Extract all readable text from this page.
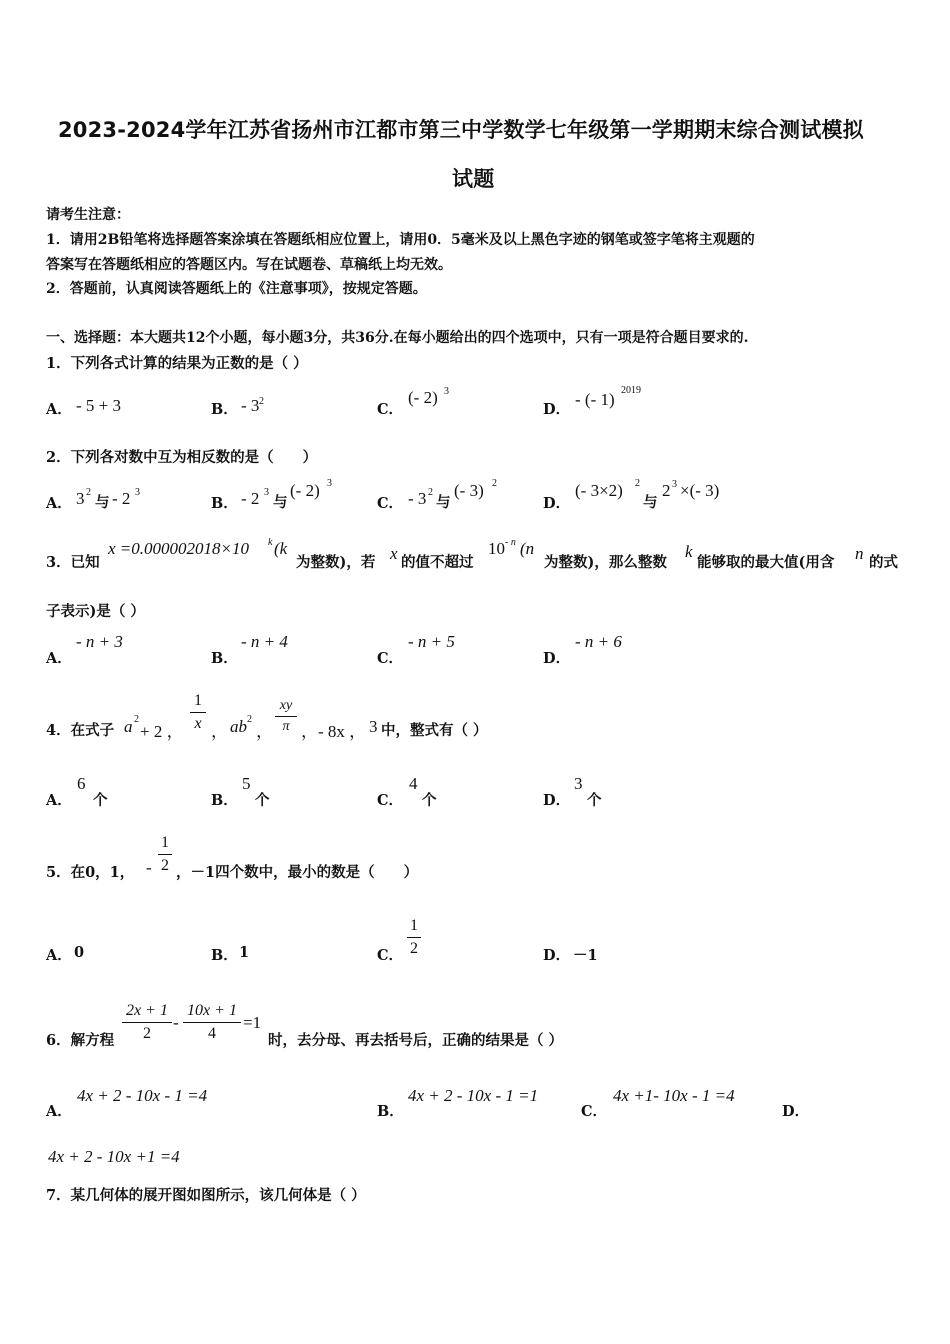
2023-2024学年江苏省扬州市江都市第三中学数学七年级第一学期期末综合测试模拟
试题
请考生注意：
1．请用2B铅笔将选择题答案涂填在答题纸相应位置上，请用0．5毫米及以上黑色字迹的钢笔或签字笔将主观题的
答案写在答题纸相应的答题区内。写在试题卷、草稿纸上均无效。
2．答题前，认真阅读答题纸上的《注意事项》，按规定答题。
一、选择题：本大题共12个小题，每小题3分，共36分.在每小题给出的四个选项中，只有一项是符合题目要求的.
1．下列各式计算的结果为正数的是（ ）
A． - 5 + 3	B． - 3 2	C．
(- 2) 3
D．
- (- 1) 2019
2．下列各对数中互为相反数的是（　　）
A． 3 2
与 - 2 3
B． - 2 3
与
(- 2) 3
C． - 3 2
与
(- 3) 2
D．
(- 3×2) 2
与
2 3 ×(- 3)
3．已知
x =0.000002018×10 k (k
为整数)，若 x 的值不超过
10 - n (n
为整数)，那么整数
k
能够取的最大值(用含 n 的式
子表示)是（ ）
A．
- n + 3
B．
- n + 4
C．
- n + 5
D．
- n + 6
4．在式子 a 2
+ 2 ，
1
x ， ab 2
，
xy
π ， - 8x ， 3 中，整式有（ ）
A．
6
个	B．
5
个	C．
4
个	D．
3
个
5．在0，1， -
1
2 ，－1四个数中，最小的数是（　　）
A． 0	B． 1	C．
1
2	D． －1
6．解方程
2x + 1
2
-
10x + 1
4
=1
时，去分母、再去括号后，正确的结果是（ ）
A．
4x + 2 - 10x - 1 =4
B．
4x + 2 - 10x - 1 =1
C．
4x +1- 10x - 1 =4
D．
4x + 2 - 10x +1 =4
7．某几何体的展开图如图所示，该几何体是（ ）
